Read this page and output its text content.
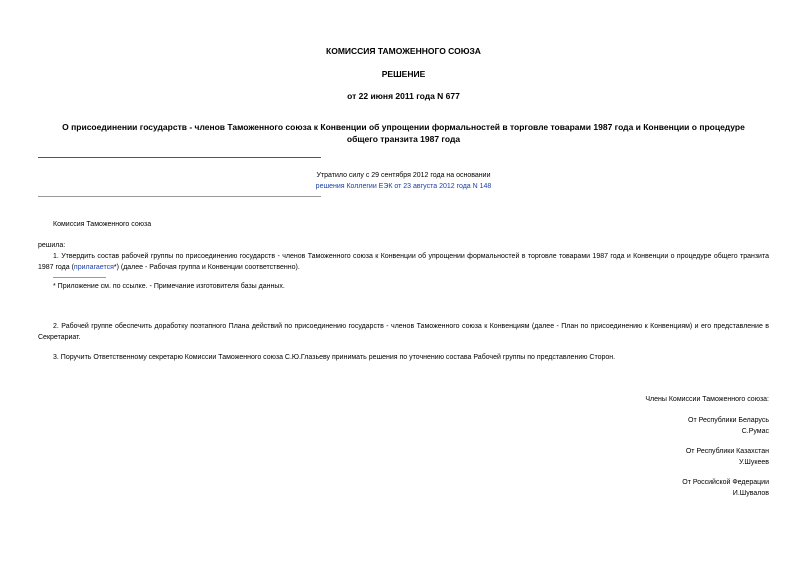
КОМИССИЯ ТАМОЖЕННОГО СОЮЗА
РЕШЕНИЕ
от 22 июня 2011 года N 677
О присоединении государств - членов Таможенного союза к Конвенции об упрощении формальностей в торговле товарами 1987 года и Конвенции о процедуре
общего транзита 1987 года
Утратило силу с 29 сентября 2012 года на основании
решения Коллегии ЕЭК от 23 августа 2012 года N 148
Комиссия Таможенного союза
решила:
1. Утвердить состав рабочей группы по присоединению государств - членов Таможенного союза к Конвенции об упрощении формальностей в торговле товарами 1987 года и Конвенции о процедуре общего транзита 1987 года (прилагается*) (далее - Рабочая группа и Конвенции соответственно).
* Приложение см. по ссылке. - Примечание изготовителя базы данных.
2. Рабочей группе обеспечить доработку поэтапного Плана действий по присоединению государств - членов Таможенного союза к Конвенциям (далее - План по присоединению к Конвенциям) и его представление в Секретариат.
3. Поручить Ответственному секретарю Комиссии Таможенного союза С.Ю.Глазьеву принимать решения по уточнению состава Рабочей группы по представлению Сторон.
Члены Комиссии Таможенного союза:
От Республики Беларусь
С.Румас
От Республики Казахстан
У.Шукеев
От Российской Федерации
И.Шувалов
